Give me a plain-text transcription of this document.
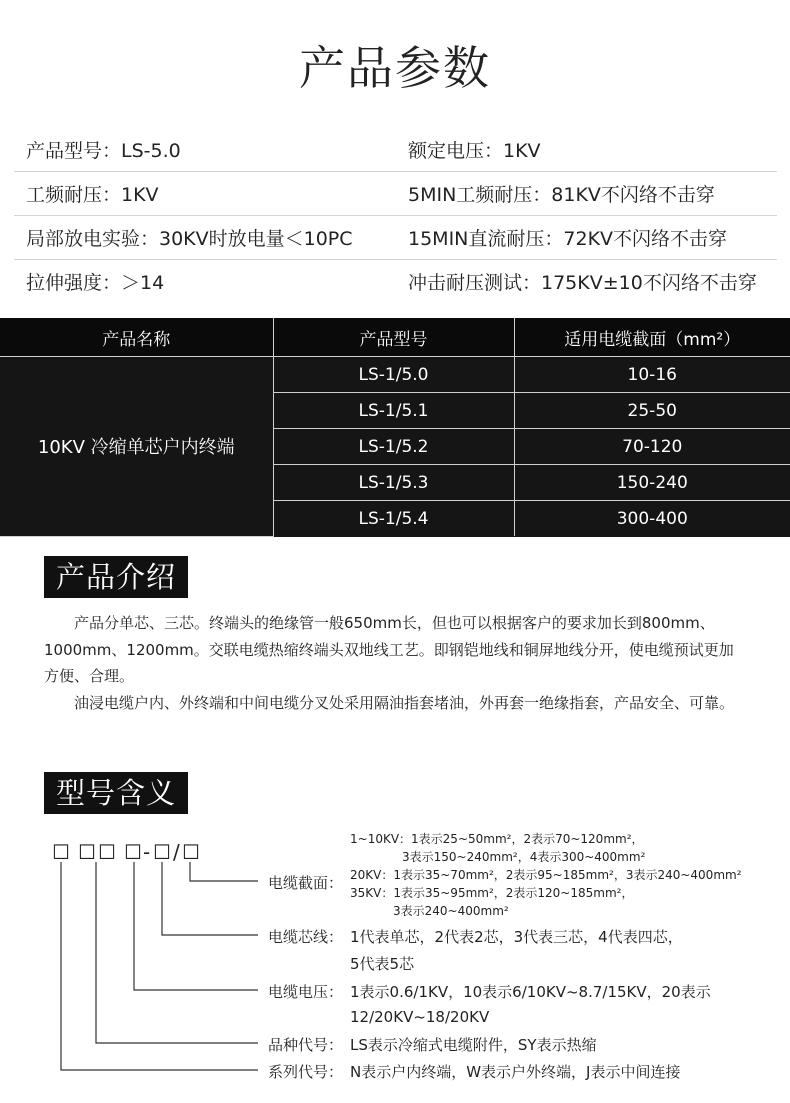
产品参数
产品型号：LS-5.0	额定电压：1KV
工频耐压：1KV	5MIN工频耐压：81KV不闪络不击穿
局部放电实验：30KV时放电量＜10PC	15MIN直流耐压：72KV不闪络不击穿
拉伸强度：＞14	冲击耐压测试：175KV±10不闪络不击穿
产品名称	产品型号	适用电缆截面（mm²）
10KV 冷缩单芯户内终端	LS-1/5.0	10-16
	LS-1/5.1	25-50
	LS-1/5.2	70-120
	LS-1/5.3	150-240
	LS-1/5.4	300-400
产品介绍

产品分单芯、三芯。终端头的绝缘管一般650mm长，但也可以根据客户的要求加长到800mm、1000mm、1200mm。交联电缆热缩终端头双地线工艺。即钢铠地线和铜屏地线分开，使电缆预试更加方便、合理。

油浸电缆户内、外终端和中间电缆分叉处采用隔油指套堵油，外再套一绝缘指套，产品安全、可靠。

型号含义
☐ ☐ ☐ ☐ - ☐ / ☐
1~10KV：1表示25~50mm²，2表示70~120mm²，
3表示150~240mm²，4表示300~400mm²
电缆截面： 20KV：1表示35~70mm²，2表示95~185mm²，3表示240~400mm²
35KV：1表示35~95mm²，2表示120~185mm²，
3表示240~400mm²
电缆芯线： 1代表单芯，2代表2芯，3代表三芯，4代表四芯，
5代表5芯
电缆电压： 1表示0.6/1KV，10表示6/10KV~8.7/15KV，20表示
12/20KV~18/20KV
品种代号： LS表示冷缩式电缆附件，SY表示热缩
系列代号： N表示户内终端，W表示户外终端，J表示中间连接
